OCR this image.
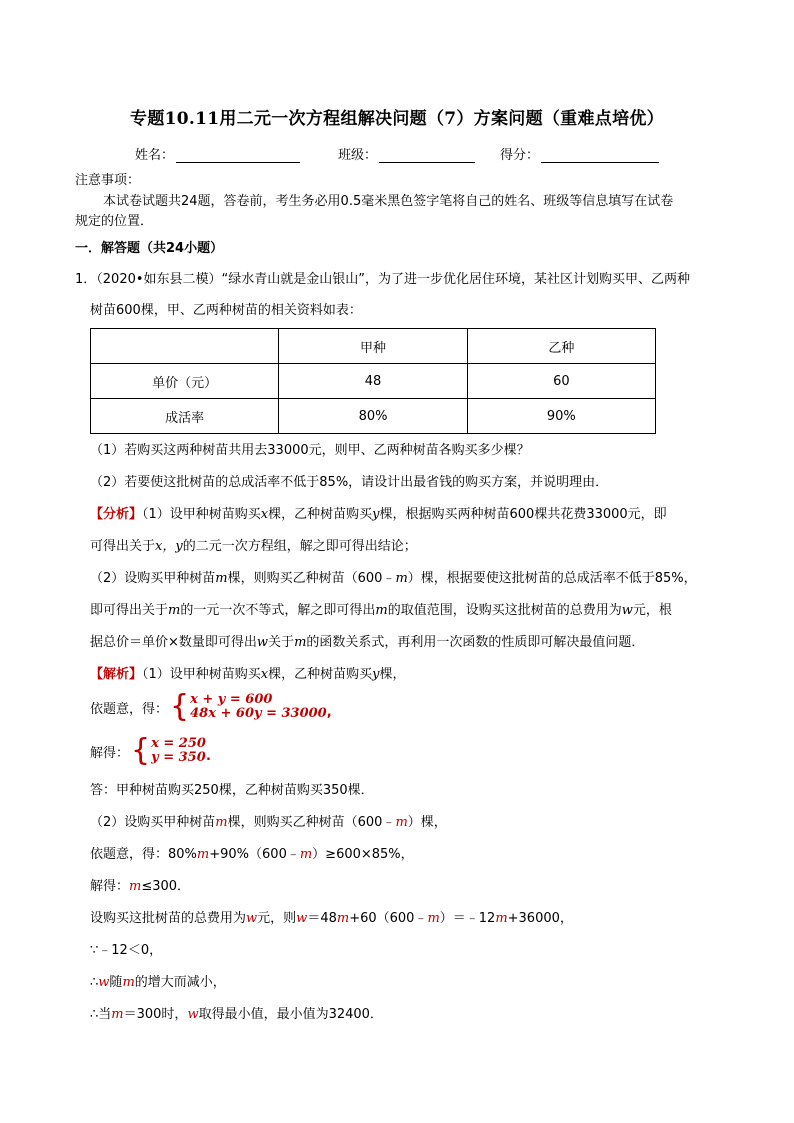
专题10.11用二元一次方程组解决问题（7）方案问题（重难点培优）
姓名：	班级：	得分：
注意事项：
本试卷试题共24题，答卷前，考生务必用0.5毫米黑色签字笔将自己的姓名、班级等信息填写在试卷
规定的位置．
一．解答题（共24小题）
1．（2020•如东县二模）“绿水青山就是金山银山”，为了进一步优化居住环境，某社区计划购买甲、乙两种
树苗600棵，甲、乙两种树苗的相关资料如表：
	甲种	乙种
单价（元）	48	60
成活率	80%	90%
（1）若购买这两种树苗共用去33000元，则甲、乙两种树苗各购买多少棵？
（2）若要使这批树苗的总成活率不低于85%，请设计出最省钱的购买方案，并说明理由．
【分析】（1）设甲种树苗购买x棵，乙种树苗购买y棵，根据购买两种树苗600棵共花费33000元，即
可得出关于x，y的二元一次方程组，解之即可得出结论；
（2）设购买甲种树苗m棵，则购买乙种树苗（600﹣m）棵，根据要使这批树苗的总成活率不低于85%，
即可得出关于m的一元一次不等式，解之即可得出m的取值范围，设购买这批树苗的总费用为w元，根
据总价＝单价×数量即可得出w关于m的函数关系式，再利用一次函数的性质即可解决最值问题．
【解析】（1）设甲种树苗购买x棵，乙种树苗购买y棵，
依题意，得： { x + y = 600
48x + 60y = 33000 ,
解得： { x = 250
y = 350 .
答：甲种树苗购买250棵，乙种树苗购买350棵．
（2）设购买甲种树苗m棵，则购买乙种树苗（600﹣m）棵，
依题意，得：80%m+90%（600﹣m）≥600×85%，
解得：m≤300．
设购买这批树苗的总费用为w元，则w＝48m+60（600﹣m）＝﹣12m+36000，
∵﹣12＜0，
∴w随m的增大而减小，
∴当m＝300时，w取得最小值，最小值为32400．
